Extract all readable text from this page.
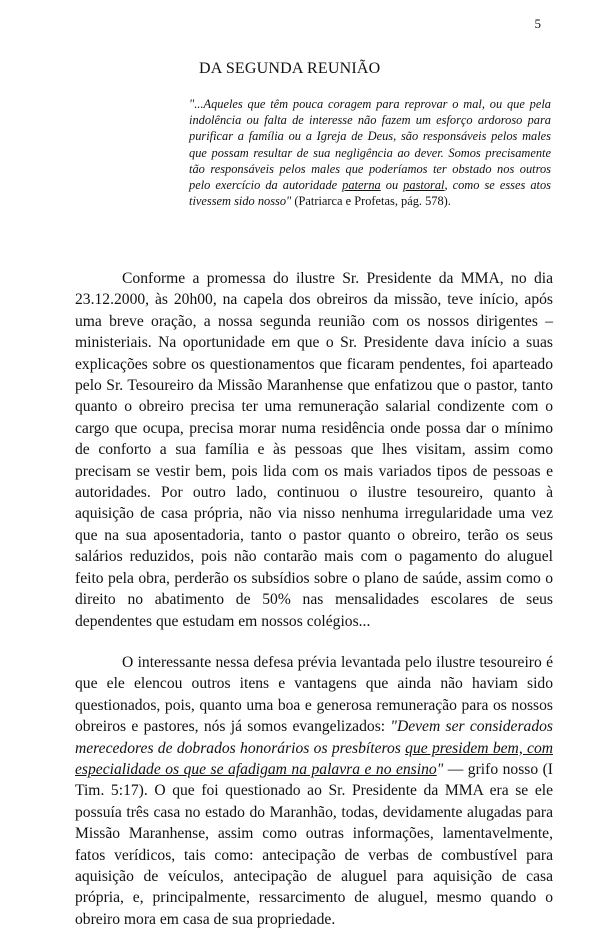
5
DA SEGUNDA REUNIÃO
"...Aqueles que têm pouca coragem para reprovar o mal, ou que pela indolência ou falta de interesse não fazem um esforço ardoroso para purificar a família ou a Igreja de Deus, são responsáveis pelos males que possam resultar de sua negligência ao dever. Somos precisamente tão responsáveis pelos males que poderíamos ter obstado nos outros pelo exercício da autoridade paterna ou pastoral, como se esses atos tivessem sido nosso" (Patriarca e Profetas, pág. 578).

Conforme a promessa do ilustre Sr. Presidente da MMA, no dia 23.12.2000, às 20h00, na capela dos obreiros da missão, teve início, após uma breve oração, a nossa segunda reunião com os nossos dirigentes – ministeriais. Na oportunidade em que o Sr. Presidente dava início a suas explicações sobre os questionamentos que ficaram pendentes, foi aparteado pelo Sr. Tesoureiro da Missão Maranhense que enfatizou que o pastor, tanto quanto o obreiro precisa ter uma remuneração salarial condizente com o cargo que ocupa, precisa morar numa residência onde possa dar o mínimo de conforto a sua família e às pessoas que lhes visitam, assim como precisam se vestir bem, pois lida com os mais variados tipos de pessoas e autoridades. Por outro lado, continuou o ilustre tesoureiro, quanto à aquisição de casa própria, não via nisso nenhuma irregularidade uma vez que na sua aposentadoria, tanto o pastor quanto o obreiro, terão os seus salários reduzidos, pois não contarão mais com o pagamento do aluguel feito pela obra, perderão os subsídios sobre o plano de saúde, assim como o direito no abatimento de 50% nas mensalidades escolares de seus dependentes que estudam em nossos colégios...

O interessante nessa defesa prévia levantada pelo ilustre tesoureiro é que ele elencou outros itens e vantagens que ainda não haviam sido questionados, pois, quanto uma boa e generosa remuneração para os nossos obreiros e pastores, nós já somos evangelizados: "Devem ser considerados merecedores de dobrados honorários os presbíteros que presidem bem, com especialidade os que se afadigam na palavra e no ensino" — grifo nosso (I Tim. 5:17). O que foi questionado ao Sr. Presidente da MMA era se ele possuía três casa no estado do Maranhão, todas, devidamente alugadas para Missão Maranhense, assim como outras informações, lamentavelmente, fatos verídicos, tais como: antecipação de verbas de combustível para aquisição de veículos, antecipação de aluguel para aquisição de casa própria, e, principalmente, ressarcimento de aluguel, mesmo quando o obreiro mora em casa de sua propriedade.
